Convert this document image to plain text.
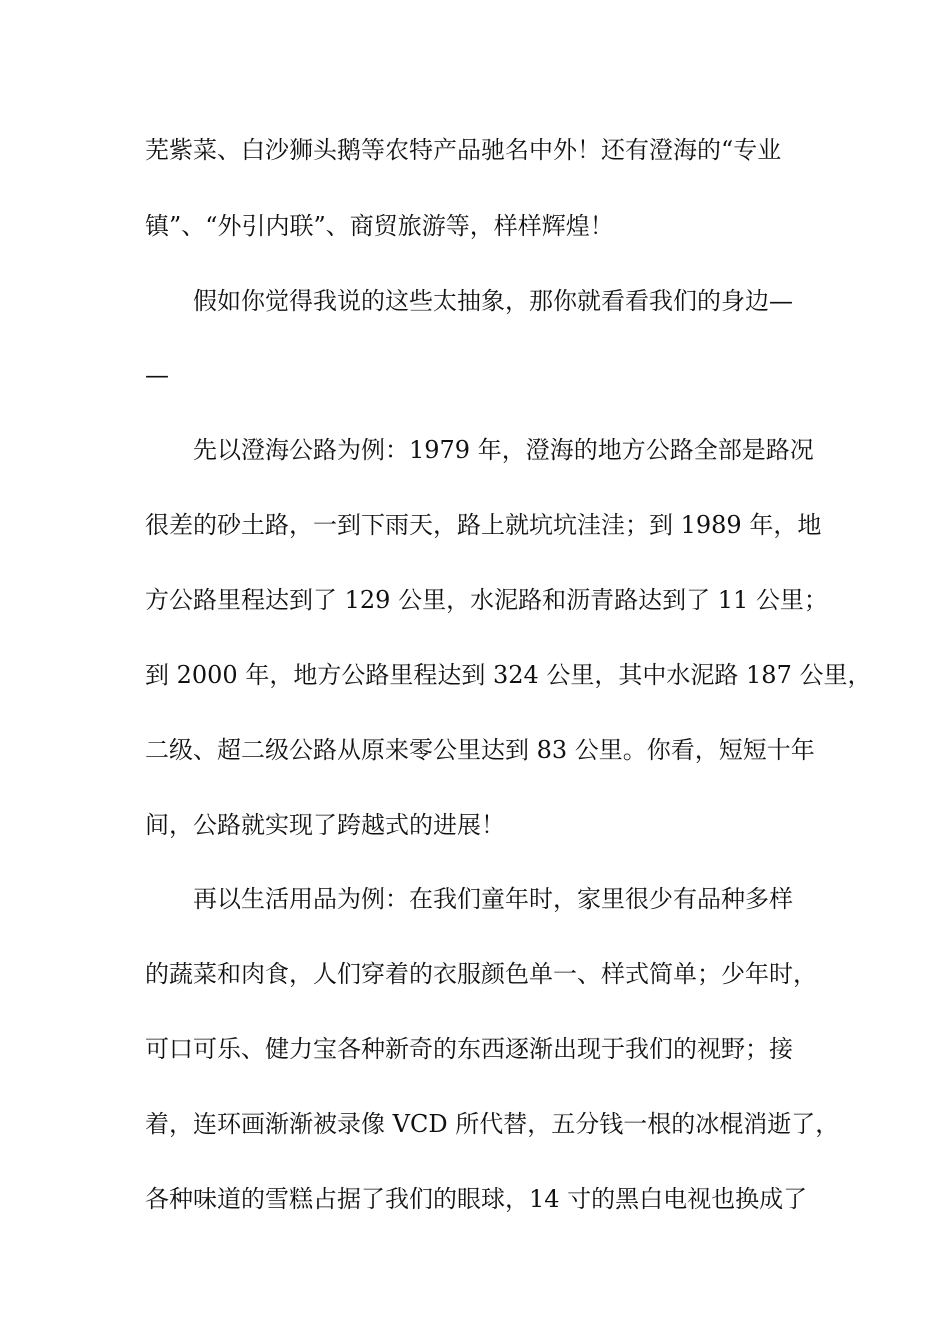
芜紫菜、白沙狮头鹅等农特产品驰名中外！还有澄海的“专业
镇”、“外引内联”、商贸旅游等，样样辉煌！
假如你觉得我说的这些太抽象，那你就看看我们的身边—
—
先以澄海公路为例：1979 年，澄海的地方公路全部是路况
很差的砂土路，一到下雨天，路上就坑坑洼洼；到 1989 年，地
方公路里程达到了 129 公里，水泥路和沥青路达到了 11 公里；
到 2000 年，地方公路里程达到 324 公里，其中水泥路 187 公里，
二级、超二级公路从原来零公里达到 83 公里。你看，短短十年
间，公路就实现了跨越式的进展！
再以生活用品为例：在我们童年时，家里很少有品种多样
的蔬菜和肉食，人们穿着的衣服颜色单一、样式简单；少年时，
可口可乐、健力宝各种新奇的东西逐渐出现于我们的视野；接
着，连环画渐渐被录像 VCD 所代替，五分钱一根的冰棍消逝了，
各种味道的雪糕占据了我们的眼球，14 寸的黑白电视也换成了
